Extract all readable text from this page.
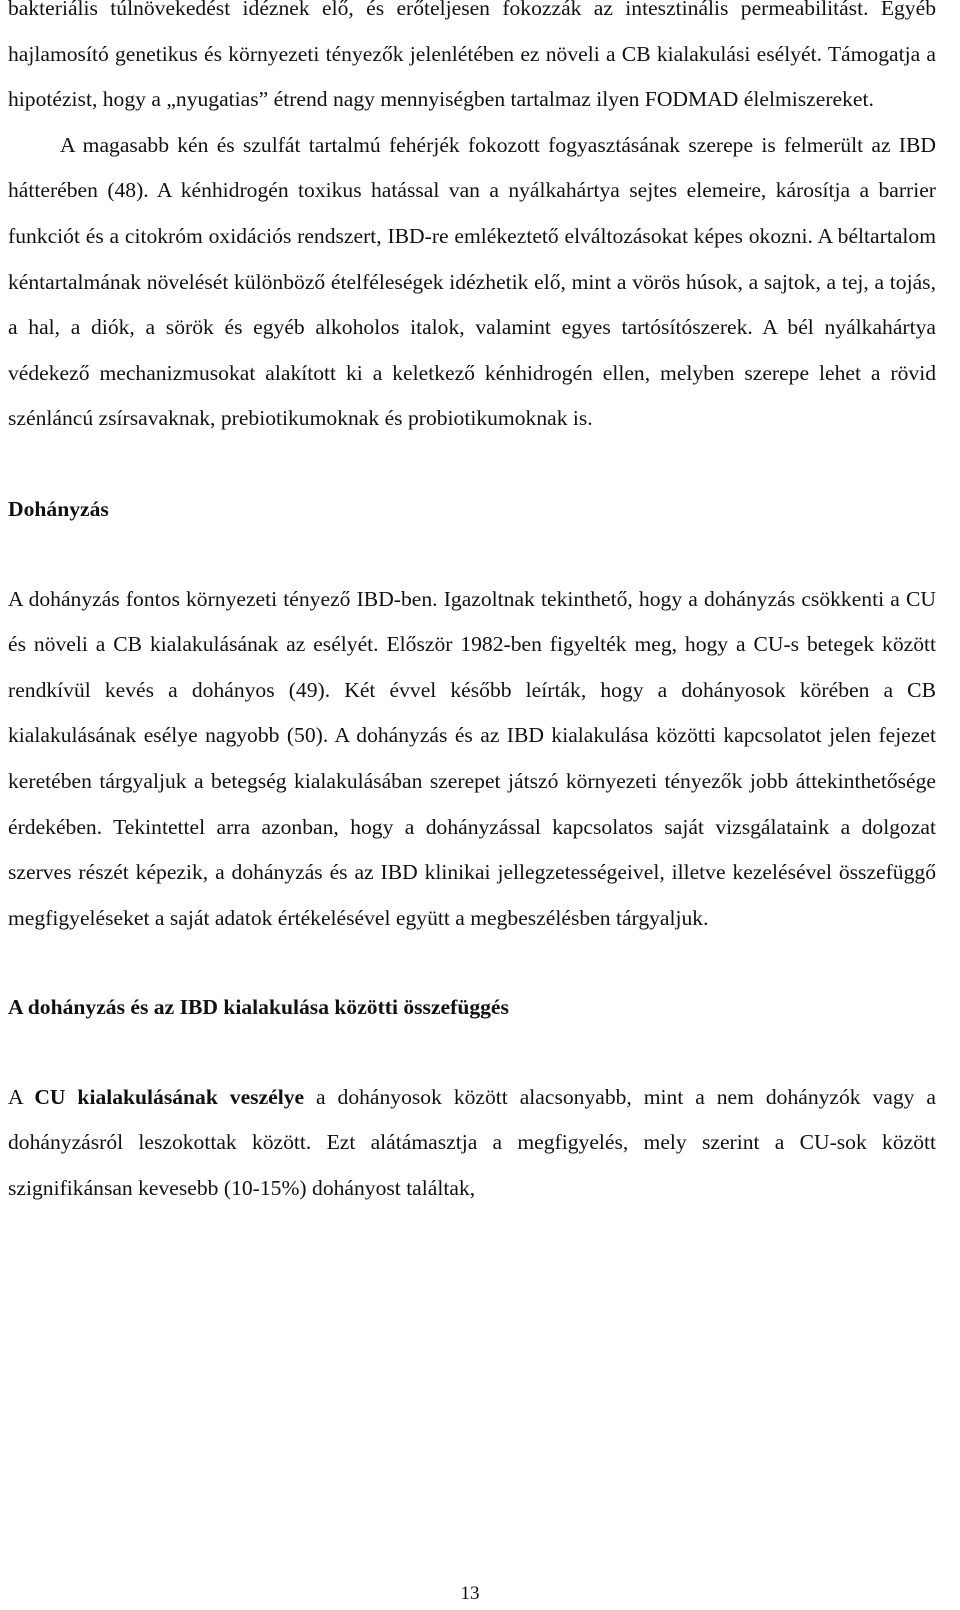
bakteriális túlnövekedést idéznek elő, és erőteljesen fokozzák az intesztinális permeabilitást. Egyéb hajlamosító genetikus és környezeti tényezők jelenlétében ez növeli a CB kialakulási esélyét. Támogatja a hipotézist, hogy a „nyugatias” étrend nagy mennyiségben tartalmaz ilyen FODMAD élelmiszereket.

A magasabb kén és szulfát tartalmú fehérjék fokozott fogyasztásának szerepe is felmerült az IBD hátterében (48). A kénhidrogén toxikus hatással van a nyálkahártya sejtes elemeire, károsítja a barrier funkciót és a citokróm oxidációs rendszert, IBD-re emlékeztető elváltozásokat képes okozni. A béltartalom kéntartalmának növelését különböző ételféleségek idézhetik elő, mint a vörös húsok, a sajtok, a tej, a tojás, a hal, a diók, a sörök és egyéb alkoholos italok, valamint egyes tartósítószerek. A bél nyálkahártya védekező mechanizmusokat alakított ki a keletkező kénhidrogén ellen, melyben szerepe lehet a rövid szénláncú zsírsavaknak, prebiotikumoknak és probiotikumoknak is.

Dohányzás

A dohányzás fontos környezeti tényező IBD-ben. Igazoltnak tekinthető, hogy a dohányzás csökkenti a CU és növeli a CB kialakulásának az esélyét. Először 1982-ben figyelték meg, hogy a CU-s betegek között rendkívül kevés a dohányos (49). Két évvel később leírták, hogy a dohányosok körében a CB kialakulásának esélye nagyobb (50). A dohányzás és az IBD kialakulása közötti kapcsolatot jelen fejezet keretében tárgyaljuk a betegség kialakulásában szerepet játszó környezeti tényezők jobb áttekinthetősége érdekében. Tekintettel arra azonban, hogy a dohányzással kapcsolatos saját vizsgálataink a dolgozat szerves részét képezik, a dohányzás és az IBD klinikai jellegzetességeivel, illetve kezelésével összefüggő megfigyeléseket a saját adatok értékelésével együtt a megbeszélésben tárgyaljuk.

A dohányzás és az IBD kialakulása közötti összefüggés

A CU kialakulásának veszélye a dohányosok között alacsonyabb, mint a nem dohányzók vagy a dohányzásról leszokottak között. Ezt alátámasztja a megfigyelés, mely szerint a CU-sok között szignifikánsan kevesebb (10-15%) dohányost találtak,

13
